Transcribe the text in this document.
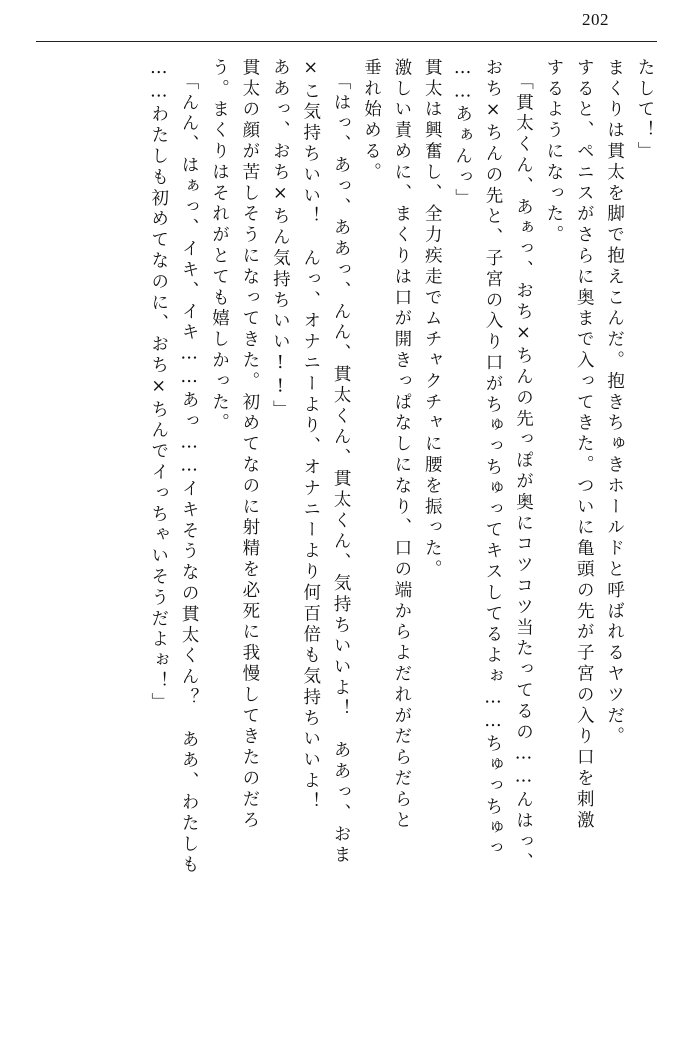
202
たして！」
まくりは貫太を脚で抱えこんだ。抱きちゅきホールドと呼ばれるヤツだ。
すると、ペニスがさらに奥まで入ってきた。ついに亀頭の先が子宮の入り口を刺激
するようになった。
「貫太くん、あぁっ、おち×ちんの先っぽが奥にコツコツ当たってるの……んはっ、
おち×ちんの先と、子宮の入り口がちゅっちゅってキスしてるよぉ……ちゅっちゅっ
……あぁんっ」
貫太は興奮し、全力疾走でムチャクチャに腰を振った。
激しい責めに、まくりは口が開きっぱなしになり、口の端からよだれがだらだらと
垂れ始める。
「はっ、あっ、ああっ、んん、貫太くん、貫太くん、気持ちいいよ！　ああっ、おま
×こ気持ちいい！　んっ、オナニーより、オナニーより何百倍も気持ちいいよ！
ああっ、おち×ちん気持ちいい!!」
貫太の顔が苦しそうになってきた。初めてなのに射精を必死に我慢してきたのだろ
う。まくりはそれがとても嬉しかった。
「んん、はぁっ、イキ、イキ……あっ……イキそうなの貫太くん？　ああ、わたしも
……わたしも初めてなのに、おち×ちんでイっちゃいそうだよぉ！」
